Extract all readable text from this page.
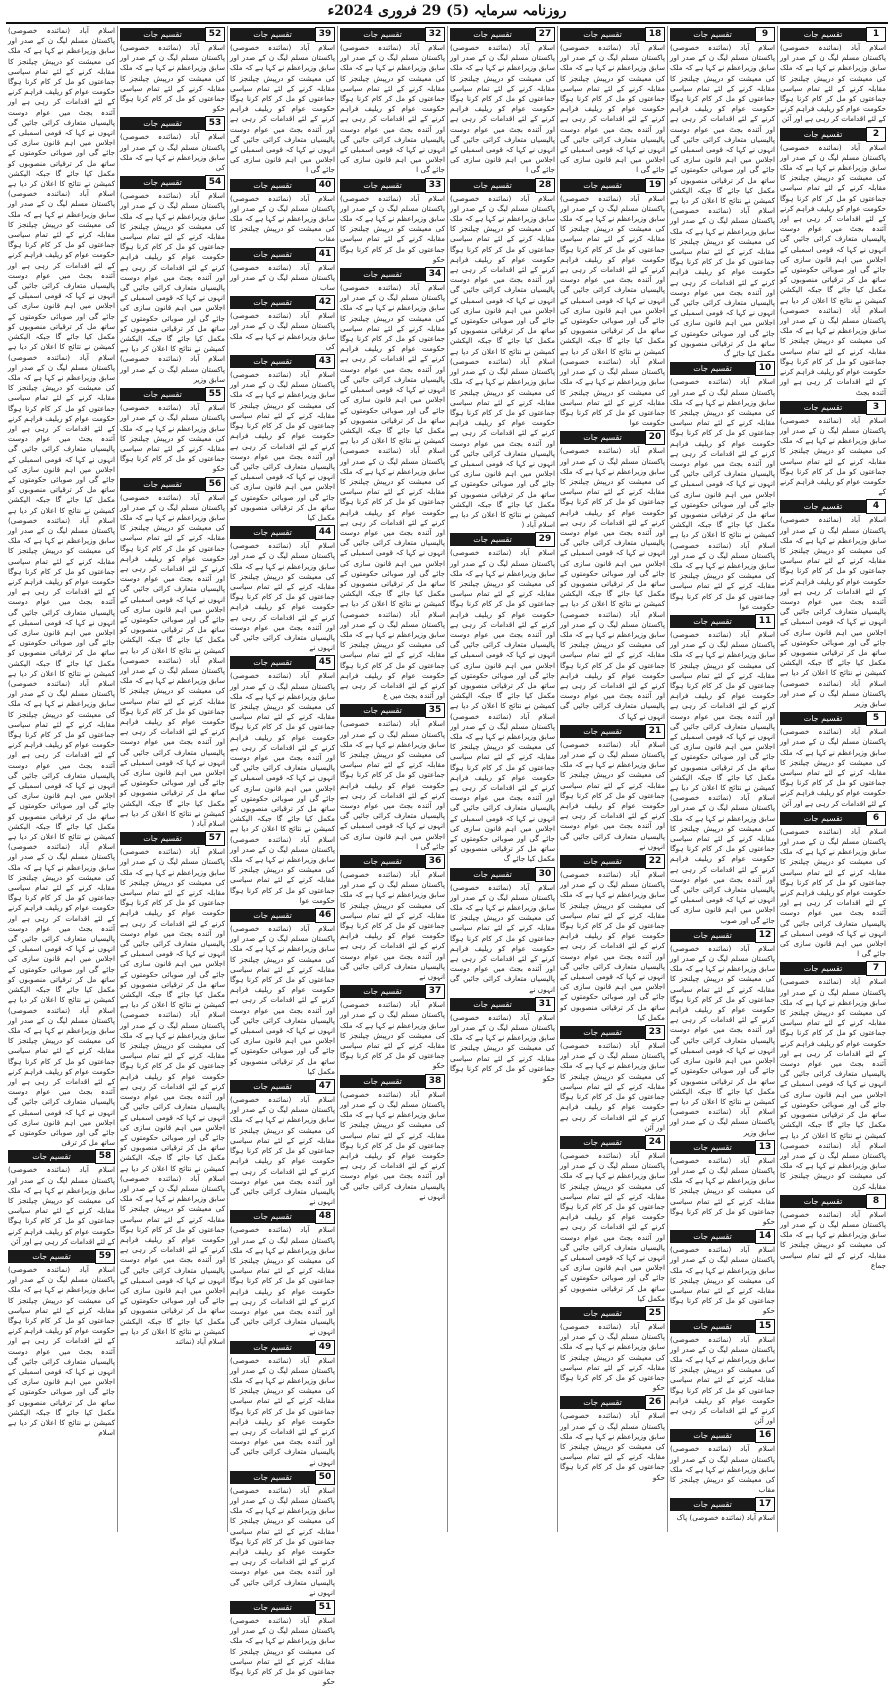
روزنامہ سرمایہ (5) 29 فروری 2024ء
1
تقسیم جات
اسلام آباد (نمائندہ خصوصی) پاکستان مسلم لیگ ن کے صدر اور سابق وزیراعظم نے کہا ہے کہ ملک کی معیشت کو درپیش چیلنجز کا مقابلہ کرنے کے لئے تمام سیاسی جماعتوں کو مل کر کام کرنا ہوگا حکومت عوام کو ریلیف فراہم کرنے کے لئے اقدامات کر رہی ہے اور آئن
2
تقسیم جات
اسلام آباد (نمائندہ خصوصی) پاکستان مسلم لیگ ن کے صدر اور سابق وزیراعظم نے کہا ہے کہ ملک کی معیشت کو درپیش چیلنجز کا مقابلہ کرنے کے لئے تمام سیاسی جماعتوں کو مل کر کام کرنا ہوگا حکومت عوام کو ریلیف فراہم کرنے کے لئے اقدامات کر رہی ہے اور آئندہ بجٹ میں عوام دوست پالیسیاں متعارف کرائی جائیں گی انہوں نے کہا کہ قومی اسمبلی کے اجلاس میں اہم قانون سازی کی جائے گی اور صوبائی حکومتوں کے ساتھ مل کر ترقیاتی منصوبوں کو مکمل کیا جائے گا جبکہ الیکشن کمیشن نے نتائج کا اعلان کر دیا ہے اسلام آباد (نمائندہ خصوصی) پاکستان مسلم لیگ ن کے صدر اور سابق وزیراعظم نے کہا ہے کہ ملک کی معیشت کو درپیش چیلنجز کا مقابلہ کرنے کے لئے تمام سیاسی جماعتوں کو مل کر کام کرنا ہوگا حکومت عوام کو ریلیف فراہم کرنے کے لئے اقدامات کر رہی ہے اور آئندہ بجٹ
3
تقسیم جات
اسلام آباد (نمائندہ خصوصی) پاکستان مسلم لیگ ن کے صدر اور سابق وزیراعظم نے کہا ہے کہ ملک کی معیشت کو درپیش چیلنجز کا مقابلہ کرنے کے لئے تمام سیاسی جماعتوں کو مل کر کام کرنا ہوگا حکومت عوام کو ریلیف فراہم کرنے کے
4
تقسیم جات
اسلام آباد (نمائندہ خصوصی) پاکستان مسلم لیگ ن کے صدر اور سابق وزیراعظم نے کہا ہے کہ ملک کی معیشت کو درپیش چیلنجز کا مقابلہ کرنے کے لئے تمام سیاسی جماعتوں کو مل کر کام کرنا ہوگا حکومت عوام کو ریلیف فراہم کرنے کے لئے اقدامات کر رہی ہے اور آئندہ بجٹ میں عوام دوست پالیسیاں متعارف کرائی جائیں گی انہوں نے کہا کہ قومی اسمبلی کے اجلاس میں اہم قانون سازی کی جائے گی اور صوبائی حکومتوں کے ساتھ مل کر ترقیاتی منصوبوں کو مکمل کیا جائے گا جبکہ الیکشن کمیشن نے نتائج کا اعلان کر دیا ہے اسلام آباد (نمائندہ خصوصی) پاکستان مسلم لیگ ن کے صدر اور سابق وزیر
5
تقسیم جات
اسلام آباد (نمائندہ خصوصی) پاکستان مسلم لیگ ن کے صدر اور سابق وزیراعظم نے کہا ہے کہ ملک کی معیشت کو درپیش چیلنجز کا مقابلہ کرنے کے لئے تمام سیاسی جماعتوں کو مل کر کام کرنا ہوگا حکومت عوام کو ریلیف فراہم کرنے کے لئے اقدامات کر رہی ہے اور آئن
6
تقسیم جات
اسلام آباد (نمائندہ خصوصی) پاکستان مسلم لیگ ن کے صدر اور سابق وزیراعظم نے کہا ہے کہ ملک کی معیشت کو درپیش چیلنجز کا مقابلہ کرنے کے لئے تمام سیاسی جماعتوں کو مل کر کام کرنا ہوگا حکومت عوام کو ریلیف فراہم کرنے کے لئے اقدامات کر رہی ہے اور آئندہ بجٹ میں عوام دوست پالیسیاں متعارف کرائی جائیں گی انہوں نے کہا کہ قومی اسمبلی کے اجلاس میں اہم قانون سازی کی جائے گی ا
7
تقسیم جات
اسلام آباد (نمائندہ خصوصی) پاکستان مسلم لیگ ن کے صدر اور سابق وزیراعظم نے کہا ہے کہ ملک کی معیشت کو درپیش چیلنجز کا مقابلہ کرنے کے لئے تمام سیاسی جماعتوں کو مل کر کام کرنا ہوگا حکومت عوام کو ریلیف فراہم کرنے کے لئے اقدامات کر رہی ہے اور آئندہ بجٹ میں عوام دوست پالیسیاں متعارف کرائی جائیں گی انہوں نے کہا کہ قومی اسمبلی کے اجلاس میں اہم قانون سازی کی جائے گی اور صوبائی حکومتوں کے ساتھ مل کر ترقیاتی منصوبوں کو مکمل کیا جائے گا جبکہ الیکشن کمیشن نے نتائج کا اعلان کر دیا ہے اسلام آباد (نمائندہ خصوصی) پاکستان مسلم لیگ ن کے صدر اور سابق وزیراعظم نے کہا ہے کہ ملک کی معیشت کو درپیش چیلنجز کا مقابلہ کرن
8
تقسیم جات
اسلام آباد (نمائندہ خصوصی) پاکستان مسلم لیگ ن کے صدر اور سابق وزیراعظم نے کہا ہے کہ ملک کی معیشت کو درپیش چیلنجز کا مقابلہ کرنے کے لئے تمام سیاسی جماع
9
تقسیم جات
اسلام آباد (نمائندہ خصوصی) پاکستان مسلم لیگ ن کے صدر اور سابق وزیراعظم نے کہا ہے کہ ملک کی معیشت کو درپیش چیلنجز کا مقابلہ کرنے کے لئے تمام سیاسی جماعتوں کو مل کر کام کرنا ہوگا حکومت عوام کو ریلیف فراہم کرنے کے لئے اقدامات کر رہی ہے اور آئندہ بجٹ میں عوام دوست پالیسیاں متعارف کرائی جائیں گی انہوں نے کہا کہ قومی اسمبلی کے اجلاس میں اہم قانون سازی کی جائے گی اور صوبائی حکومتوں کے ساتھ مل کر ترقیاتی منصوبوں کو مکمل کیا جائے گا جبکہ الیکشن کمیشن نے نتائج کا اعلان کر دیا ہے اسلام آباد (نمائندہ خصوصی) پاکستان مسلم لیگ ن کے صدر اور سابق وزیراعظم نے کہا ہے کہ ملک کی معیشت کو درپیش چیلنجز کا مقابلہ کرنے کے لئے تمام سیاسی جماعتوں کو مل کر کام کرنا ہوگا حکومت عوام کو ریلیف فراہم کرنے کے لئے اقدامات کر رہی ہے اور آئندہ بجٹ میں عوام دوست پالیسیاں متعارف کرائی جائیں گی انہوں نے کہا کہ قومی اسمبلی کے اجلاس میں اہم قانون سازی کی جائے گی اور صوبائی حکومتوں کے ساتھ مل کر ترقیاتی منصوبوں کو مکمل کیا جائے گ
10
تقسیم جات
اسلام آباد (نمائندہ خصوصی) پاکستان مسلم لیگ ن کے صدر اور سابق وزیراعظم نے کہا ہے کہ ملک کی معیشت کو درپیش چیلنجز کا مقابلہ کرنے کے لئے تمام سیاسی جماعتوں کو مل کر کام کرنا ہوگا حکومت عوام کو ریلیف فراہم کرنے کے لئے اقدامات کر رہی ہے اور آئندہ بجٹ میں عوام دوست پالیسیاں متعارف کرائی جائیں گی انہوں نے کہا کہ قومی اسمبلی کے اجلاس میں اہم قانون سازی کی جائے گی اور صوبائی حکومتوں کے ساتھ مل کر ترقیاتی منصوبوں کو مکمل کیا جائے گا جبکہ الیکشن کمیشن نے نتائج کا اعلان کر دیا ہے اسلام آباد (نمائندہ خصوصی) پاکستان مسلم لیگ ن کے صدر اور سابق وزیراعظم نے کہا ہے کہ ملک کی معیشت کو درپیش چیلنجز کا مقابلہ کرنے کے لئے تمام سیاسی جماعتوں کو مل کر کام کرنا ہوگا حکومت عوا
11
تقسیم جات
اسلام آباد (نمائندہ خصوصی) پاکستان مسلم لیگ ن کے صدر اور سابق وزیراعظم نے کہا ہے کہ ملک کی معیشت کو درپیش چیلنجز کا مقابلہ کرنے کے لئے تمام سیاسی جماعتوں کو مل کر کام کرنا ہوگا حکومت عوام کو ریلیف فراہم کرنے کے لئے اقدامات کر رہی ہے اور آئندہ بجٹ میں عوام دوست پالیسیاں متعارف کرائی جائیں گی انہوں نے کہا کہ قومی اسمبلی کے اجلاس میں اہم قانون سازی کی جائے گی اور صوبائی حکومتوں کے ساتھ مل کر ترقیاتی منصوبوں کو مکمل کیا جائے گا جبکہ الیکشن کمیشن نے نتائج کا اعلان کر دیا ہے اسلام آباد (نمائندہ خصوصی) پاکستان مسلم لیگ ن کے صدر اور سابق وزیراعظم نے کہا ہے کہ ملک کی معیشت کو درپیش چیلنجز کا مقابلہ کرنے کے لئے تمام سیاسی جماعتوں کو مل کر کام کرنا ہوگا حکومت عوام کو ریلیف فراہم کرنے کے لئے اقدامات کر رہی ہے اور آئندہ بجٹ میں عوام دوست پالیسیاں متعارف کرائی جائیں گی انہوں نے کہا کہ قومی اسمبلی کے اجلاس میں اہم قانون سازی کی جائے گی اور صوب
12
تقسیم جات
اسلام آباد (نمائندہ خصوصی) پاکستان مسلم لیگ ن کے صدر اور سابق وزیراعظم نے کہا ہے کہ ملک کی معیشت کو درپیش چیلنجز کا مقابلہ کرنے کے لئے تمام سیاسی جماعتوں کو مل کر کام کرنا ہوگا حکومت عوام کو ریلیف فراہم کرنے کے لئے اقدامات کر رہی ہے اور آئندہ بجٹ میں عوام دوست پالیسیاں متعارف کرائی جائیں گی انہوں نے کہا کہ قومی اسمبلی کے اجلاس میں اہم قانون سازی کی جائے گی اور صوبائی حکومتوں کے ساتھ مل کر ترقیاتی منصوبوں کو مکمل کیا جائے گا جبکہ الیکشن کمیشن نے نتائج کا اعلان کر دیا ہے اسلام آباد (نمائندہ خصوصی) پاکستان مسلم لیگ ن کے صدر اور سابق وزیر
13
تقسیم جات
اسلام آباد (نمائندہ خصوصی) پاکستان مسلم لیگ ن کے صدر اور سابق وزیراعظم نے کہا ہے کہ ملک کی معیشت کو درپیش چیلنجز کا مقابلہ کرنے کے لئے تمام سیاسی جماعتوں کو مل کر کام کرنا ہوگا حکو
14
تقسیم جات
اسلام آباد (نمائندہ خصوصی) پاکستان مسلم لیگ ن کے صدر اور سابق وزیراعظم نے کہا ہے کہ ملک کی معیشت کو درپیش چیلنجز کا مقابلہ کرنے کے لئے تمام سیاسی جماعتوں کو مل کر کام کرنا ہوگا حکو
15
تقسیم جات
اسلام آباد (نمائندہ خصوصی) پاکستان مسلم لیگ ن کے صدر اور سابق وزیراعظم نے کہا ہے کہ ملک کی معیشت کو درپیش چیلنجز کا مقابلہ کرنے کے لئے تمام سیاسی جماعتوں کو مل کر کام کرنا ہوگا حکومت عوام کو ریلیف فراہم کرنے کے لئے اقدامات کر رہی ہے اور آئن
16
تقسیم جات
اسلام آباد (نمائندہ خصوصی) پاکستان مسلم لیگ ن کے صدر اور سابق وزیراعظم نے کہا ہے کہ ملک کی معیشت کو درپیش چیلنجز کا مقاب
17
تقسیم جات
اسلام آباد (نمائندہ خصوصی) پاک
18
تقسیم جات
اسلام آباد (نمائندہ خصوصی) پاکستان مسلم لیگ ن کے صدر اور سابق وزیراعظم نے کہا ہے کہ ملک کی معیشت کو درپیش چیلنجز کا مقابلہ کرنے کے لئے تمام سیاسی جماعتوں کو مل کر کام کرنا ہوگا حکومت عوام کو ریلیف فراہم کرنے کے لئے اقدامات کر رہی ہے اور آئندہ بجٹ میں عوام دوست پالیسیاں متعارف کرائی جائیں گی انہوں نے کہا کہ قومی اسمبلی کے اجلاس میں اہم قانون سازی کی جائے گی ا
19
تقسیم جات
اسلام آباد (نمائندہ خصوصی) پاکستان مسلم لیگ ن کے صدر اور سابق وزیراعظم نے کہا ہے کہ ملک کی معیشت کو درپیش چیلنجز کا مقابلہ کرنے کے لئے تمام سیاسی جماعتوں کو مل کر کام کرنا ہوگا حکومت عوام کو ریلیف فراہم کرنے کے لئے اقدامات کر رہی ہے اور آئندہ بجٹ میں عوام دوست پالیسیاں متعارف کرائی جائیں گی انہوں نے کہا کہ قومی اسمبلی کے اجلاس میں اہم قانون سازی کی جائے گی اور صوبائی حکومتوں کے ساتھ مل کر ترقیاتی منصوبوں کو مکمل کیا جائے گا جبکہ الیکشن کمیشن نے نتائج کا اعلان کر دیا ہے اسلام آباد (نمائندہ خصوصی) پاکستان مسلم لیگ ن کے صدر اور سابق وزیراعظم نے کہا ہے کہ ملک کی معیشت کو درپیش چیلنجز کا مقابلہ کرنے کے لئے تمام سیاسی جماعتوں کو مل کر کام کرنا ہوگا حکومت عوا
20
تقسیم جات
اسلام آباد (نمائندہ خصوصی) پاکستان مسلم لیگ ن کے صدر اور سابق وزیراعظم نے کہا ہے کہ ملک کی معیشت کو درپیش چیلنجز کا مقابلہ کرنے کے لئے تمام سیاسی جماعتوں کو مل کر کام کرنا ہوگا حکومت عوام کو ریلیف فراہم کرنے کے لئے اقدامات کر رہی ہے اور آئندہ بجٹ میں عوام دوست پالیسیاں متعارف کرائی جائیں گی انہوں نے کہا کہ قومی اسمبلی کے اجلاس میں اہم قانون سازی کی جائے گی اور صوبائی حکومتوں کے ساتھ مل کر ترقیاتی منصوبوں کو مکمل کیا جائے گا جبکہ الیکشن کمیشن نے نتائج کا اعلان کر دیا ہے اسلام آباد (نمائندہ خصوصی) پاکستان مسلم لیگ ن کے صدر اور سابق وزیراعظم نے کہا ہے کہ ملک کی معیشت کو درپیش چیلنجز کا مقابلہ کرنے کے لئے تمام سیاسی جماعتوں کو مل کر کام کرنا ہوگا حکومت عوام کو ریلیف فراہم کرنے کے لئے اقدامات کر رہی ہے اور آئندہ بجٹ میں عوام دوست پالیسیاں متعارف کرائی جائیں گی انہوں نے کہا ک
21
تقسیم جات
اسلام آباد (نمائندہ خصوصی) پاکستان مسلم لیگ ن کے صدر اور سابق وزیراعظم نے کہا ہے کہ ملک کی معیشت کو درپیش چیلنجز کا مقابلہ کرنے کے لئے تمام سیاسی جماعتوں کو مل کر کام کرنا ہوگا حکومت عوام کو ریلیف فراہم کرنے کے لئے اقدامات کر رہی ہے اور آئندہ بجٹ میں عوام دوست پالیسیاں متعارف کرائی جائیں گی انہوں نے
22
تقسیم جات
اسلام آباد (نمائندہ خصوصی) پاکستان مسلم لیگ ن کے صدر اور سابق وزیراعظم نے کہا ہے کہ ملک کی معیشت کو درپیش چیلنجز کا مقابلہ کرنے کے لئے تمام سیاسی جماعتوں کو مل کر کام کرنا ہوگا حکومت عوام کو ریلیف فراہم کرنے کے لئے اقدامات کر رہی ہے اور آئندہ بجٹ میں عوام دوست پالیسیاں متعارف کرائی جائیں گی انہوں نے کہا کہ قومی اسمبلی کے اجلاس میں اہم قانون سازی کی جائے گی اور صوبائی حکومتوں کے ساتھ مل کر ترقیاتی منصوبوں کو مکمل کیا
23
تقسیم جات
اسلام آباد (نمائندہ خصوصی) پاکستان مسلم لیگ ن کے صدر اور سابق وزیراعظم نے کہا ہے کہ ملک کی معیشت کو درپیش چیلنجز کا مقابلہ کرنے کے لئے تمام سیاسی جماعتوں کو مل کر کام کرنا ہوگا حکومت عوام کو ریلیف فراہم کرنے کے لئے اقدامات کر رہی ہے اور آئن
24
تقسیم جات
اسلام آباد (نمائندہ خصوصی) پاکستان مسلم لیگ ن کے صدر اور سابق وزیراعظم نے کہا ہے کہ ملک کی معیشت کو درپیش چیلنجز کا مقابلہ کرنے کے لئے تمام سیاسی جماعتوں کو مل کر کام کرنا ہوگا حکومت عوام کو ریلیف فراہم کرنے کے لئے اقدامات کر رہی ہے اور آئندہ بجٹ میں عوام دوست پالیسیاں متعارف کرائی جائیں گی انہوں نے کہا کہ قومی اسمبلی کے اجلاس میں اہم قانون سازی کی جائے گی اور صوبائی حکومتوں کے ساتھ مل کر ترقیاتی منصوبوں کو مکمل کیا
25
تقسیم جات
اسلام آباد (نمائندہ خصوصی) پاکستان مسلم لیگ ن کے صدر اور سابق وزیراعظم نے کہا ہے کہ ملک کی معیشت کو درپیش چیلنجز کا مقابلہ کرنے کے لئے تمام سیاسی جماعتوں کو مل کر کام کرنا ہوگا حکو
26
تقسیم جات
اسلام آباد (نمائندہ خصوصی) پاکستان مسلم لیگ ن کے صدر اور سابق وزیراعظم نے کہا ہے کہ ملک کی معیشت کو درپیش چیلنجز کا مقابلہ کرنے کے لئے تمام سیاسی جماعتوں کو مل کر کام کرنا ہوگا حکو
27
تقسیم جات
اسلام آباد (نمائندہ خصوصی) پاکستان مسلم لیگ ن کے صدر اور سابق وزیراعظم نے کہا ہے کہ ملک کی معیشت کو درپیش چیلنجز کا مقابلہ کرنے کے لئے تمام سیاسی جماعتوں کو مل کر کام کرنا ہوگا حکومت عوام کو ریلیف فراہم کرنے کے لئے اقدامات کر رہی ہے اور آئندہ بجٹ میں عوام دوست پالیسیاں متعارف کرائی جائیں گی انہوں نے کہا کہ قومی اسمبلی کے اجلاس میں اہم قانون سازی کی جائے گی ا
28
تقسیم جات
اسلام آباد (نمائندہ خصوصی) پاکستان مسلم لیگ ن کے صدر اور سابق وزیراعظم نے کہا ہے کہ ملک کی معیشت کو درپیش چیلنجز کا مقابلہ کرنے کے لئے تمام سیاسی جماعتوں کو مل کر کام کرنا ہوگا حکومت عوام کو ریلیف فراہم کرنے کے لئے اقدامات کر رہی ہے اور آئندہ بجٹ میں عوام دوست پالیسیاں متعارف کرائی جائیں گی انہوں نے کہا کہ قومی اسمبلی کے اجلاس میں اہم قانون سازی کی جائے گی اور صوبائی حکومتوں کے ساتھ مل کر ترقیاتی منصوبوں کو مکمل کیا جائے گا جبکہ الیکشن کمیشن نے نتائج کا اعلان کر دیا ہے اسلام آباد (نمائندہ خصوصی) پاکستان مسلم لیگ ن کے صدر اور سابق وزیراعظم نے کہا ہے کہ ملک کی معیشت کو درپیش چیلنجز کا مقابلہ کرنے کے لئے تمام سیاسی جماعتوں کو مل کر کام کرنا ہوگا حکومت عوام کو ریلیف فراہم کرنے کے لئے اقدامات کر رہی ہے اور آئندہ بجٹ میں عوام دوست پالیسیاں متعارف کرائی جائیں گی انہوں نے کہا کہ قومی اسمبلی کے اجلاس میں اہم قانون سازی کی جائے گی اور صوبائی حکومتوں کے ساتھ مل کر ترقیاتی منصوبوں کو مکمل کیا جائے گا جبکہ الیکشن کمیشن نے نتائج کا اعلان کر دیا ہے اسلام آباد (
29
تقسیم جات
اسلام آباد (نمائندہ خصوصی) پاکستان مسلم لیگ ن کے صدر اور سابق وزیراعظم نے کہا ہے کہ ملک کی معیشت کو درپیش چیلنجز کا مقابلہ کرنے کے لئے تمام سیاسی جماعتوں کو مل کر کام کرنا ہوگا حکومت عوام کو ریلیف فراہم کرنے کے لئے اقدامات کر رہی ہے اور آئندہ بجٹ میں عوام دوست پالیسیاں متعارف کرائی جائیں گی انہوں نے کہا کہ قومی اسمبلی کے اجلاس میں اہم قانون سازی کی جائے گی اور صوبائی حکومتوں کے ساتھ مل کر ترقیاتی منصوبوں کو مکمل کیا جائے گا جبکہ الیکشن کمیشن نے نتائج کا اعلان کر دیا ہے اسلام آباد (نمائندہ خصوصی) پاکستان مسلم لیگ ن کے صدر اور سابق وزیراعظم نے کہا ہے کہ ملک کی معیشت کو درپیش چیلنجز کا مقابلہ کرنے کے لئے تمام سیاسی جماعتوں کو مل کر کام کرنا ہوگا حکومت عوام کو ریلیف فراہم کرنے کے لئے اقدامات کر رہی ہے اور آئندہ بجٹ میں عوام دوست پالیسیاں متعارف کرائی جائیں گی انہوں نے کہا کہ قومی اسمبلی کے اجلاس میں اہم قانون سازی کی جائے گی اور صوبائی حکومتوں کے ساتھ مل کر ترقیاتی منصوبوں کو مکمل کیا جائے گ
30
تقسیم جات
اسلام آباد (نمائندہ خصوصی) پاکستان مسلم لیگ ن کے صدر اور سابق وزیراعظم نے کہا ہے کہ ملک کی معیشت کو درپیش چیلنجز کا مقابلہ کرنے کے لئے تمام سیاسی جماعتوں کو مل کر کام کرنا ہوگا حکومت عوام کو ریلیف فراہم کرنے کے لئے اقدامات کر رہی ہے اور آئندہ بجٹ میں عوام دوست پالیسیاں متعارف کرائی جائیں گی انہوں نے
31
تقسیم جات
اسلام آباد (نمائندہ خصوصی) پاکستان مسلم لیگ ن کے صدر اور سابق وزیراعظم نے کہا ہے کہ ملک کی معیشت کو درپیش چیلنجز کا مقابلہ کرنے کے لئے تمام سیاسی جماعتوں کو مل کر کام کرنا ہوگا حکو
32
تقسیم جات
اسلام آباد (نمائندہ خصوصی) پاکستان مسلم لیگ ن کے صدر اور سابق وزیراعظم نے کہا ہے کہ ملک کی معیشت کو درپیش چیلنجز کا مقابلہ کرنے کے لئے تمام سیاسی جماعتوں کو مل کر کام کرنا ہوگا حکومت عوام کو ریلیف فراہم کرنے کے لئے اقدامات کر رہی ہے اور آئندہ بجٹ میں عوام دوست پالیسیاں متعارف کرائی جائیں گی انہوں نے کہا کہ قومی اسمبلی کے اجلاس میں اہم قانون سازی کی جائے گی ا
33
تقسیم جات
اسلام آباد (نمائندہ خصوصی) پاکستان مسلم لیگ ن کے صدر اور سابق وزیراعظم نے کہا ہے کہ ملک کی معیشت کو درپیش چیلنجز کا مقابلہ کرنے کے لئے تمام سیاسی جماعتوں کو مل کر کام کرنا ہوگا حکو
34
تقسیم جات
اسلام آباد (نمائندہ خصوصی) پاکستان مسلم لیگ ن کے صدر اور سابق وزیراعظم نے کہا ہے کہ ملک کی معیشت کو درپیش چیلنجز کا مقابلہ کرنے کے لئے تمام سیاسی جماعتوں کو مل کر کام کرنا ہوگا حکومت عوام کو ریلیف فراہم کرنے کے لئے اقدامات کر رہی ہے اور آئندہ بجٹ میں عوام دوست پالیسیاں متعارف کرائی جائیں گی انہوں نے کہا کہ قومی اسمبلی کے اجلاس میں اہم قانون سازی کی جائے گی اور صوبائی حکومتوں کے ساتھ مل کر ترقیاتی منصوبوں کو مکمل کیا جائے گا جبکہ الیکشن کمیشن نے نتائج کا اعلان کر دیا ہے اسلام آباد (نمائندہ خصوصی) پاکستان مسلم لیگ ن کے صدر اور سابق وزیراعظم نے کہا ہے کہ ملک کی معیشت کو درپیش چیلنجز کا مقابلہ کرنے کے لئے تمام سیاسی جماعتوں کو مل کر کام کرنا ہوگا حکومت عوام کو ریلیف فراہم کرنے کے لئے اقدامات کر رہی ہے اور آئندہ بجٹ میں عوام دوست پالیسیاں متعارف کرائی جائیں گی انہوں نے کہا کہ قومی اسمبلی کے اجلاس میں اہم قانون سازی کی جائے گی اور صوبائی حکومتوں کے ساتھ مل کر ترقیاتی منصوبوں کو مکمل کیا جائے گا جبکہ الیکشن کمیشن نے نتائج کا اعلان کر دیا ہے اسلام آباد (نمائندہ خصوصی) پاکستان مسلم لیگ ن کے صدر اور سابق وزیراعظم نے کہا ہے کہ ملک کی معیشت کو درپیش چیلنجز کا مقابلہ کرنے کے لئے تمام سیاسی جماعتوں کو مل کر کام کرنا ہوگا حکومت عوام کو ریلیف فراہم کرنے کے لئے اقدامات کر رہی ہے اور آئندہ بجٹ میں ع
35
تقسیم جات
اسلام آباد (نمائندہ خصوصی) پاکستان مسلم لیگ ن کے صدر اور سابق وزیراعظم نے کہا ہے کہ ملک کی معیشت کو درپیش چیلنجز کا مقابلہ کرنے کے لئے تمام سیاسی جماعتوں کو مل کر کام کرنا ہوگا حکومت عوام کو ریلیف فراہم کرنے کے لئے اقدامات کر رہی ہے اور آئندہ بجٹ میں عوام دوست پالیسیاں متعارف کرائی جائیں گی انہوں نے کہا کہ قومی اسمبلی کے اجلاس میں اہم قانون سازی کی جائے گی ا
36
تقسیم جات
اسلام آباد (نمائندہ خصوصی) پاکستان مسلم لیگ ن کے صدر اور سابق وزیراعظم نے کہا ہے کہ ملک کی معیشت کو درپیش چیلنجز کا مقابلہ کرنے کے لئے تمام سیاسی جماعتوں کو مل کر کام کرنا ہوگا حکومت عوام کو ریلیف فراہم کرنے کے لئے اقدامات کر رہی ہے اور آئندہ بجٹ میں عوام دوست پالیسیاں متعارف کرائی جائیں گی انہوں نے
37
تقسیم جات
اسلام آباد (نمائندہ خصوصی) پاکستان مسلم لیگ ن کے صدر اور سابق وزیراعظم نے کہا ہے کہ ملک کی معیشت کو درپیش چیلنجز کا مقابلہ کرنے کے لئے تمام سیاسی جماعتوں کو مل کر کام کرنا ہوگا حکو
38
تقسیم جات
اسلام آباد (نمائندہ خصوصی) پاکستان مسلم لیگ ن کے صدر اور سابق وزیراعظم نے کہا ہے کہ ملک کی معیشت کو درپیش چیلنجز کا مقابلہ کرنے کے لئے تمام سیاسی جماعتوں کو مل کر کام کرنا ہوگا حکومت عوام کو ریلیف فراہم کرنے کے لئے اقدامات کر رہی ہے اور آئندہ بجٹ میں عوام دوست پالیسیاں متعارف کرائی جائیں گی انہوں نے
39
تقسیم جات
اسلام آباد (نمائندہ خصوصی) پاکستان مسلم لیگ ن کے صدر اور سابق وزیراعظم نے کہا ہے کہ ملک کی معیشت کو درپیش چیلنجز کا مقابلہ کرنے کے لئے تمام سیاسی جماعتوں کو مل کر کام کرنا ہوگا حکومت عوام کو ریلیف فراہم کرنے کے لئے اقدامات کر رہی ہے اور آئندہ بجٹ میں عوام دوست پالیسیاں متعارف کرائی جائیں گی انہوں نے کہا کہ قومی اسمبلی کے اجلاس میں اہم قانون سازی کی جائے گی ا
40
تقسیم جات
اسلام آباد (نمائندہ خصوصی) پاکستان مسلم لیگ ن کے صدر اور سابق وزیراعظم نے کہا ہے کہ ملک کی معیشت کو درپیش چیلنجز کا مقاب
41
تقسیم جات
اسلام آباد (نمائندہ خصوصی) پاکستان مسلم لیگ ن کے صدر اور ساب
42
تقسیم جات
اسلام آباد (نمائندہ خصوصی) پاکستان مسلم لیگ ن کے صدر اور سابق وزیراعظم نے کہا ہے کہ ملک کی
43
تقسیم جات
اسلام آباد (نمائندہ خصوصی) پاکستان مسلم لیگ ن کے صدر اور سابق وزیراعظم نے کہا ہے کہ ملک کی معیشت کو درپیش چیلنجز کا مقابلہ کرنے کے لئے تمام سیاسی جماعتوں کو مل کر کام کرنا ہوگا حکومت عوام کو ریلیف فراہم کرنے کے لئے اقدامات کر رہی ہے اور آئندہ بجٹ میں عوام دوست پالیسیاں متعارف کرائی جائیں گی انہوں نے کہا کہ قومی اسمبلی کے اجلاس میں اہم قانون سازی کی جائے گی اور صوبائی حکومتوں کے ساتھ مل کر ترقیاتی منصوبوں کو مکمل کیا
44
تقسیم جات
اسلام آباد (نمائندہ خصوصی) پاکستان مسلم لیگ ن کے صدر اور سابق وزیراعظم نے کہا ہے کہ ملک کی معیشت کو درپیش چیلنجز کا مقابلہ کرنے کے لئے تمام سیاسی جماعتوں کو مل کر کام کرنا ہوگا حکومت عوام کو ریلیف فراہم کرنے کے لئے اقدامات کر رہی ہے اور آئندہ بجٹ میں عوام دوست پالیسیاں متعارف کرائی جائیں گی انہوں نے
45
تقسیم جات
اسلام آباد (نمائندہ خصوصی) پاکستان مسلم لیگ ن کے صدر اور سابق وزیراعظم نے کہا ہے کہ ملک کی معیشت کو درپیش چیلنجز کا مقابلہ کرنے کے لئے تمام سیاسی جماعتوں کو مل کر کام کرنا ہوگا حکومت عوام کو ریلیف فراہم کرنے کے لئے اقدامات کر رہی ہے اور آئندہ بجٹ میں عوام دوست پالیسیاں متعارف کرائی جائیں گی انہوں نے کہا کہ قومی اسمبلی کے اجلاس میں اہم قانون سازی کی جائے گی اور صوبائی حکومتوں کے ساتھ مل کر ترقیاتی منصوبوں کو مکمل کیا جائے گا جبکہ الیکشن کمیشن نے نتائج کا اعلان کر دیا ہے اسلام آباد (نمائندہ خصوصی) پاکستان مسلم لیگ ن کے صدر اور سابق وزیراعظم نے کہا ہے کہ ملک کی معیشت کو درپیش چیلنجز کا مقابلہ کرنے کے لئے تمام سیاسی جماعتوں کو مل کر کام کرنا ہوگا حکومت عوا
46
تقسیم جات
اسلام آباد (نمائندہ خصوصی) پاکستان مسلم لیگ ن کے صدر اور سابق وزیراعظم نے کہا ہے کہ ملک کی معیشت کو درپیش چیلنجز کا مقابلہ کرنے کے لئے تمام سیاسی جماعتوں کو مل کر کام کرنا ہوگا حکومت عوام کو ریلیف فراہم کرنے کے لئے اقدامات کر رہی ہے اور آئندہ بجٹ میں عوام دوست پالیسیاں متعارف کرائی جائیں گی انہوں نے کہا کہ قومی اسمبلی کے اجلاس میں اہم قانون سازی کی جائے گی اور صوبائی حکومتوں کے ساتھ مل کر ترقیاتی منصوبوں کو مکمل کیا
47
تقسیم جات
اسلام آباد (نمائندہ خصوصی) پاکستان مسلم لیگ ن کے صدر اور سابق وزیراعظم نے کہا ہے کہ ملک کی معیشت کو درپیش چیلنجز کا مقابلہ کرنے کے لئے تمام سیاسی جماعتوں کو مل کر کام کرنا ہوگا حکومت عوام کو ریلیف فراہم کرنے کے لئے اقدامات کر رہی ہے اور آئندہ بجٹ میں عوام دوست پالیسیاں متعارف کرائی جائیں گی انہوں نے
48
تقسیم جات
اسلام آباد (نمائندہ خصوصی) پاکستان مسلم لیگ ن کے صدر اور سابق وزیراعظم نے کہا ہے کہ ملک کی معیشت کو درپیش چیلنجز کا مقابلہ کرنے کے لئے تمام سیاسی جماعتوں کو مل کر کام کرنا ہوگا حکومت عوام کو ریلیف فراہم کرنے کے لئے اقدامات کر رہی ہے اور آئندہ بجٹ میں عوام دوست پالیسیاں متعارف کرائی جائیں گی انہوں نے
49
تقسیم جات
اسلام آباد (نمائندہ خصوصی) پاکستان مسلم لیگ ن کے صدر اور سابق وزیراعظم نے کہا ہے کہ ملک کی معیشت کو درپیش چیلنجز کا مقابلہ کرنے کے لئے تمام سیاسی جماعتوں کو مل کر کام کرنا ہوگا حکومت عوام کو ریلیف فراہم کرنے کے لئے اقدامات کر رہی ہے اور آئندہ بجٹ میں عوام دوست پالیسیاں متعارف کرائی جائیں گی انہوں نے
50
تقسیم جات
اسلام آباد (نمائندہ خصوصی) پاکستان مسلم لیگ ن کے صدر اور سابق وزیراعظم نے کہا ہے کہ ملک کی معیشت کو درپیش چیلنجز کا مقابلہ کرنے کے لئے تمام سیاسی جماعتوں کو مل کر کام کرنا ہوگا حکومت عوام کو ریلیف فراہم کرنے کے لئے اقدامات کر رہی ہے اور آئندہ بجٹ میں عوام دوست پالیسیاں متعارف کرائی جائیں گی انہوں نے
51
تقسیم جات
اسلام آباد (نمائندہ خصوصی) پاکستان مسلم لیگ ن کے صدر اور سابق وزیراعظم نے کہا ہے کہ ملک کی معیشت کو درپیش چیلنجز کا مقابلہ کرنے کے لئے تمام سیاسی جماعتوں کو مل کر کام کرنا ہوگا حکو
52
تقسیم جات
اسلام آباد (نمائندہ خصوصی) پاکستان مسلم لیگ ن کے صدر اور سابق وزیراعظم نے کہا ہے کہ ملک کی معیشت کو درپیش چیلنجز کا مقابلہ کرنے کے لئے تمام سیاسی جماعتوں کو مل کر کام کرنا ہوگا حکو
53
تقسیم جات
اسلام آباد (نمائندہ خصوصی) پاکستان مسلم لیگ ن کے صدر اور سابق وزیراعظم نے کہا ہے کہ ملک کی
54
تقسیم جات
اسلام آباد (نمائندہ خصوصی) پاکستان مسلم لیگ ن کے صدر اور سابق وزیراعظم نے کہا ہے کہ ملک کی معیشت کو درپیش چیلنجز کا مقابلہ کرنے کے لئے تمام سیاسی جماعتوں کو مل کر کام کرنا ہوگا حکومت عوام کو ریلیف فراہم کرنے کے لئے اقدامات کر رہی ہے اور آئندہ بجٹ میں عوام دوست پالیسیاں متعارف کرائی جائیں گی انہوں نے کہا کہ قومی اسمبلی کے اجلاس میں اہم قانون سازی کی جائے گی اور صوبائی حکومتوں کے ساتھ مل کر ترقیاتی منصوبوں کو مکمل کیا جائے گا جبکہ الیکشن کمیشن نے نتائج کا اعلان کر دیا ہے اسلام آباد (نمائندہ خصوصی) پاکستان مسلم لیگ ن کے صدر اور سابق وزیر
55
تقسیم جات
اسلام آباد (نمائندہ خصوصی) پاکستان مسلم لیگ ن کے صدر اور سابق وزیراعظم نے کہا ہے کہ ملک کی معیشت کو درپیش چیلنجز کا مقابلہ کرنے کے لئے تمام سیاسی جماعتوں کو مل کر کام کرنا ہوگا حکو
56
تقسیم جات
اسلام آباد (نمائندہ خصوصی) پاکستان مسلم لیگ ن کے صدر اور سابق وزیراعظم نے کہا ہے کہ ملک کی معیشت کو درپیش چیلنجز کا مقابلہ کرنے کے لئے تمام سیاسی جماعتوں کو مل کر کام کرنا ہوگا حکومت عوام کو ریلیف فراہم کرنے کے لئے اقدامات کر رہی ہے اور آئندہ بجٹ میں عوام دوست پالیسیاں متعارف کرائی جائیں گی انہوں نے کہا کہ قومی اسمبلی کے اجلاس میں اہم قانون سازی کی جائے گی اور صوبائی حکومتوں کے ساتھ مل کر ترقیاتی منصوبوں کو مکمل کیا جائے گا جبکہ الیکشن کمیشن نے نتائج کا اعلان کر دیا ہے اسلام آباد (نمائندہ خصوصی) پاکستان مسلم لیگ ن کے صدر اور سابق وزیراعظم نے کہا ہے کہ ملک کی معیشت کو درپیش چیلنجز کا مقابلہ کرنے کے لئے تمام سیاسی جماعتوں کو مل کر کام کرنا ہوگا حکومت عوام کو ریلیف فراہم کرنے کے لئے اقدامات کر رہی ہے اور آئندہ بجٹ میں عوام دوست پالیسیاں متعارف کرائی جائیں گی انہوں نے کہا کہ قومی اسمبلی کے اجلاس میں اہم قانون سازی کی جائے گی اور صوبائی حکومتوں کے ساتھ مل کر ترقیاتی منصوبوں کو مکمل کیا جائے گا جبکہ الیکشن کمیشن نے نتائج کا اعلان کر دیا ہے اسلام آباد (
57
تقسیم جات
اسلام آباد (نمائندہ خصوصی) پاکستان مسلم لیگ ن کے صدر اور سابق وزیراعظم نے کہا ہے کہ ملک کی معیشت کو درپیش چیلنجز کا مقابلہ کرنے کے لئے تمام سیاسی جماعتوں کو مل کر کام کرنا ہوگا حکومت عوام کو ریلیف فراہم کرنے کے لئے اقدامات کر رہی ہے اور آئندہ بجٹ میں عوام دوست پالیسیاں متعارف کرائی جائیں گی انہوں نے کہا کہ قومی اسمبلی کے اجلاس میں اہم قانون سازی کی جائے گی اور صوبائی حکومتوں کے ساتھ مل کر ترقیاتی منصوبوں کو مکمل کیا جائے گا جبکہ الیکشن کمیشن نے نتائج کا اعلان کر دیا ہے اسلام آباد (نمائندہ خصوصی) پاکستان مسلم لیگ ن کے صدر اور سابق وزیراعظم نے کہا ہے کہ ملک کی معیشت کو درپیش چیلنجز کا مقابلہ کرنے کے لئے تمام سیاسی جماعتوں کو مل کر کام کرنا ہوگا حکومت عوام کو ریلیف فراہم کرنے کے لئے اقدامات کر رہی ہے اور آئندہ بجٹ میں عوام دوست پالیسیاں متعارف کرائی جائیں گی انہوں نے کہا کہ قومی اسمبلی کے اجلاس میں اہم قانون سازی کی جائے گی اور صوبائی حکومتوں کے ساتھ مل کر ترقیاتی منصوبوں کو مکمل کیا جائے گا جبکہ الیکشن کمیشن نے نتائج کا اعلان کر دیا ہے اسلام آباد (نمائندہ خصوصی) پاکستان مسلم لیگ ن کے صدر اور سابق وزیراعظم نے کہا ہے کہ ملک کی معیشت کو درپیش چیلنجز کا مقابلہ کرنے کے لئے تمام سیاسی جماعتوں کو مل کر کام کرنا ہوگا حکومت عوام کو ریلیف فراہم کرنے کے لئے اقدامات کر رہی ہے اور آئندہ بجٹ میں عوام دوست پالیسیاں متعارف کرائی جائیں گی انہوں نے کہا کہ قومی اسمبلی کے اجلاس میں اہم قانون سازی کی جائے گی اور صوبائی حکومتوں کے ساتھ مل کر ترقیاتی منصوبوں کو مکمل کیا جائے گا جبکہ الیکشن کمیشن نے نتائج کا اعلان کر دیا ہے اسلام آباد (نمائند
اسلام آباد (نمائندہ خصوصی) پاکستان مسلم لیگ ن کے صدر اور سابق وزیراعظم نے کہا ہے کہ ملک کی معیشت کو درپیش چیلنجز کا مقابلہ کرنے کے لئے تمام سیاسی جماعتوں کو مل کر کام کرنا ہوگا حکومت عوام کو ریلیف فراہم کرنے کے لئے اقدامات کر رہی ہے اور آئندہ بجٹ میں عوام دوست پالیسیاں متعارف کرائی جائیں گی انہوں نے کہا کہ قومی اسمبلی کے اجلاس میں اہم قانون سازی کی جائے گی اور صوبائی حکومتوں کے ساتھ مل کر ترقیاتی منصوبوں کو مکمل کیا جائے گا جبکہ الیکشن کمیشن نے نتائج کا اعلان کر دیا ہے اسلام آباد (نمائندہ خصوصی) پاکستان مسلم لیگ ن کے صدر اور سابق وزیراعظم نے کہا ہے کہ ملک کی معیشت کو درپیش چیلنجز کا مقابلہ کرنے کے لئے تمام سیاسی جماعتوں کو مل کر کام کرنا ہوگا حکومت عوام کو ریلیف فراہم کرنے کے لئے اقدامات کر رہی ہے اور آئندہ بجٹ میں عوام دوست پالیسیاں متعارف کرائی جائیں گی انہوں نے کہا کہ قومی اسمبلی کے اجلاس میں اہم قانون سازی کی جائے گی اور صوبائی حکومتوں کے ساتھ مل کر ترقیاتی منصوبوں کو مکمل کیا جائے گا جبکہ الیکشن کمیشن نے نتائج کا اعلان کر دیا ہے اسلام آباد (نمائندہ خصوصی) پاکستان مسلم لیگ ن کے صدر اور سابق وزیراعظم نے کہا ہے کہ ملک کی معیشت کو درپیش چیلنجز کا مقابلہ کرنے کے لئے تمام سیاسی جماعتوں کو مل کر کام کرنا ہوگا حکومت عوام کو ریلیف فراہم کرنے کے لئے اقدامات کر رہی ہے اور آئندہ بجٹ میں عوام دوست پالیسیاں متعارف کرائی جائیں گی انہوں نے کہا کہ قومی اسمبلی کے اجلاس میں اہم قانون سازی کی جائے گی اور صوبائی حکومتوں کے ساتھ مل کر ترقیاتی منصوبوں کو مکمل کیا جائے گا جبکہ الیکشن کمیشن نے نتائج کا اعلان کر دیا ہے اسلام آباد (نمائندہ خصوصی) پاکستان مسلم لیگ ن کے صدر اور سابق وزیراعظم نے کہا ہے کہ ملک کی معیشت کو درپیش چیلنجز کا مقابلہ کرنے کے لئے تمام سیاسی جماعتوں کو مل کر کام کرنا ہوگا حکومت عوام کو ریلیف فراہم کرنے کے لئے اقدامات کر رہی ہے اور آئندہ بجٹ میں عوام دوست پالیسیاں متعارف کرائی جائیں گی انہوں نے کہا کہ قومی اسمبلی کے اجلاس میں اہم قانون سازی کی جائے گی اور صوبائی حکومتوں کے ساتھ مل کر ترقیاتی منصوبوں کو مکمل کیا جائے گا جبکہ الیکشن کمیشن نے نتائج کا اعلان کر دیا ہے اسلام آباد (نمائندہ خصوصی) پاکستان مسلم لیگ ن کے صدر اور سابق وزیراعظم نے کہا ہے کہ ملک کی معیشت کو درپیش چیلنجز کا مقابلہ کرنے کے لئے تمام سیاسی جماعتوں کو مل کر کام کرنا ہوگا حکومت عوام کو ریلیف فراہم کرنے کے لئے اقدامات کر رہی ہے اور آئندہ بجٹ میں عوام دوست پالیسیاں متعارف کرائی جائیں گی انہوں نے کہا کہ قومی اسمبلی کے اجلاس میں اہم قانون سازی کی جائے گی اور صوبائی حکومتوں کے ساتھ مل کر ترقیاتی منصوبوں کو مکمل کیا جائے گا جبکہ الیکشن کمیشن نے نتائج کا اعلان کر دیا ہے اسلام آباد (نمائندہ خصوصی) پاکستان مسلم لیگ ن کے صدر اور سابق وزیراعظم نے کہا ہے کہ ملک کی معیشت کو درپیش چیلنجز کا مقابلہ کرنے کے لئے تمام سیاسی جماعتوں کو مل کر کام کرنا ہوگا حکومت عوام کو ریلیف فراہم کرنے کے لئے اقدامات کر رہی ہے اور آئندہ بجٹ میں عوام دوست پالیسیاں متعارف کرائی جائیں گی انہوں نے کہا کہ قومی اسمبلی کے اجلاس میں اہم قانون سازی کی جائے گی اور صوبائی حکومتوں کے ساتھ مل کر ترقیاتی منصوبوں کو مکمل کیا جائے گا جبکہ الیکشن کمیشن نے نتائج کا اعلان کر دیا ہے اسلام آباد (نمائندہ خصوصی) پاکستان مسلم لیگ ن کے صدر اور سابق وزیراعظم نے کہا ہے کہ ملک کی معیشت کو درپیش چیلنجز کا مقابلہ کرنے کے لئے تمام سیاسی جماعتوں کو مل کر کام کرنا ہوگا حکومت عوام کو ریلیف فراہم کرنے کے لئے اقدامات کر رہی ہے اور آئندہ بجٹ میں عوام دوست پالیسیاں متعارف کرائی جائیں گی انہوں نے کہا کہ قومی اسمبلی کے اجلاس میں اہم قانون سازی کی جائے گی اور صوبائی حکومتوں کے ساتھ مل کر ترقی
58
تقسیم جات
اسلام آباد (نمائندہ خصوصی) پاکستان مسلم لیگ ن کے صدر اور سابق وزیراعظم نے کہا ہے کہ ملک کی معیشت کو درپیش چیلنجز کا مقابلہ کرنے کے لئے تمام سیاسی جماعتوں کو مل کر کام کرنا ہوگا حکومت عوام کو ریلیف فراہم کرنے کے لئے اقدامات کر رہی ہے اور آئن
59
تقسیم جات
اسلام آباد (نمائندہ خصوصی) پاکستان مسلم لیگ ن کے صدر اور سابق وزیراعظم نے کہا ہے کہ ملک کی معیشت کو درپیش چیلنجز کا مقابلہ کرنے کے لئے تمام سیاسی جماعتوں کو مل کر کام کرنا ہوگا حکومت عوام کو ریلیف فراہم کرنے کے لئے اقدامات کر رہی ہے اور آئندہ بجٹ میں عوام دوست پالیسیاں متعارف کرائی جائیں گی انہوں نے کہا کہ قومی اسمبلی کے اجلاس میں اہم قانون سازی کی جائے گی اور صوبائی حکومتوں کے ساتھ مل کر ترقیاتی منصوبوں کو مکمل کیا جائے گا جبکہ الیکشن کمیشن نے نتائج کا اعلان کر دیا ہے اسلام
